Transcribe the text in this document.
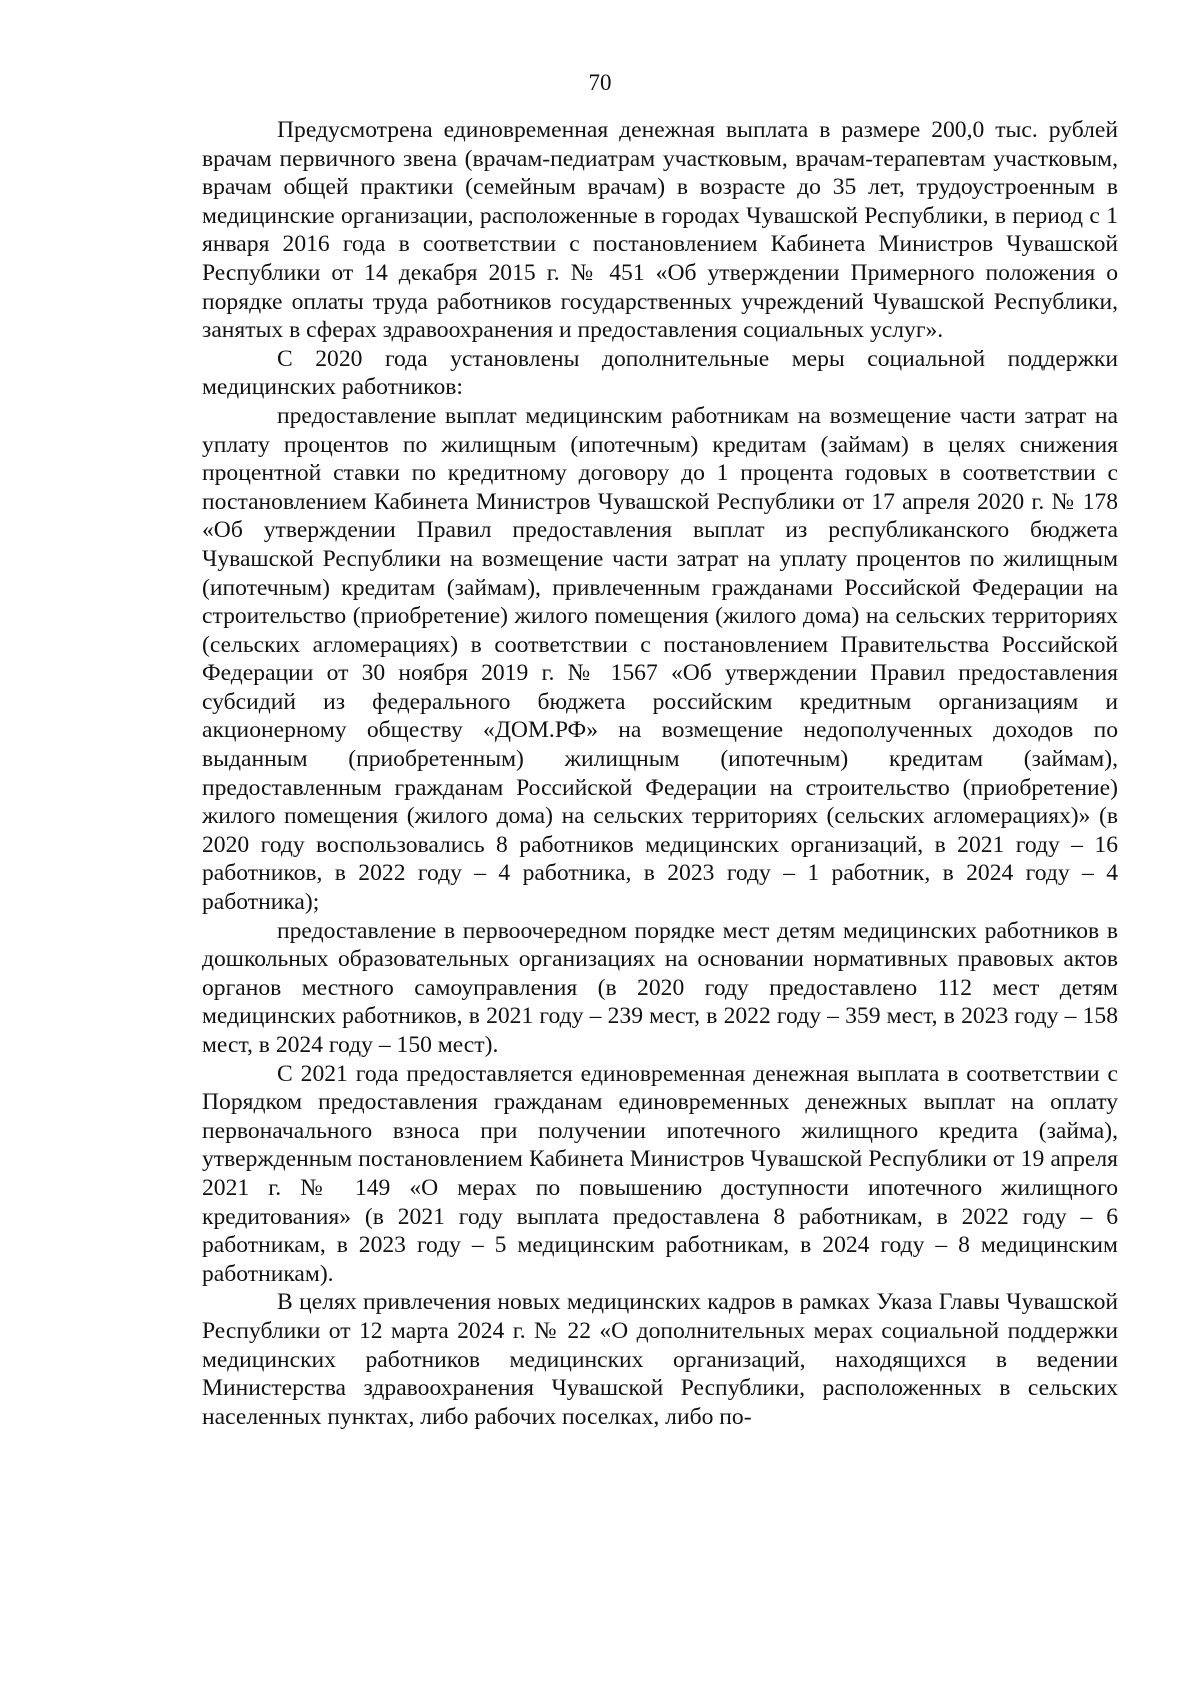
70

Предусмотрена единовременная денежная выплата в размере 200,0 тыс. рублей врачам первичного звена (врачам-педиатрам участковым, врачам-терапевтам участковым, врачам общей практики (семейным врачам) в возрасте до 35 лет, трудоустроенным в медицинские организации, расположенные в городах Чувашской Республики, в период с 1 января 2016 года в соответствии с постановлением Кабинета Министров Чувашской Республики от 14 декабря 2015 г. № 451 «Об утверждении Примерного положения о порядке оплаты труда работников государственных учреждений Чувашской Республики, занятых в сферах здравоохранения и предоставления социальных услуг».

С 2020 года установлены дополнительные меры социальной поддержки медицинских работников:

предоставление выплат медицинским работникам на возмещение части затрат на уплату процентов по жилищным (ипотечным) кредитам (займам) в целях снижения процентной ставки по кредитному договору до 1 процента годовых в соответствии с постановлением Кабинета Министров Чувашской Республики от 17 апреля 2020 г. № 178 «Об утверждении Правил предоставления выплат из республиканского бюджета Чувашской Республики на возмещение части затрат на уплату процентов по жилищным (ипотечным) кредитам (займам), привлеченным гражданами Российской Федерации на строительство (приобретение) жилого помещения (жилого дома) на сельских территориях (сельских агломерациях) в соответствии с постановлением Правительства Российской Федерации от 30 ноября 2019 г. № 1567 «Об утверждении Правил предоставления субсидий из федерального бюджета российским кредитным организациям и акционерному обществу «ДОМ.РФ» на возмещение недополученных доходов по выданным (приобретенным) жилищным (ипотечным) кредитам (займам), предоставленным гражданам Российской Федерации на строительство (приобретение) жилого помещения (жилого дома) на сельских территориях (сельских агломерациях)» (в 2020 году воспользовались 8 работников медицинских организаций, в 2021 году – 16 работников, в 2022 году – 4 работника, в 2023 году – 1 работник, в 2024 году – 4 работника);

предоставление в первоочередном порядке мест детям медицинских работников в дошкольных образовательных организациях на основании нормативных правовых актов органов местного самоуправления (в 2020 году предоставлено 112 мест детям медицинских работников, в 2021 году – 239 мест, в 2022 году – 359 мест, в 2023 году – 158 мест, в 2024 году – 150 мест).

С 2021 года предоставляется единовременная денежная выплата в соответствии с Порядком предоставления гражданам единовременных денежных выплат на оплату первоначального взноса при получении ипотечного жилищного кредита (займа), утвержденным постановлением Кабинета Министров Чувашской Республики от 19 апреля 2021 г. № 149 «О мерах по повышению доступности ипотечного жилищного кредитования» (в 2021 году выплата предоставлена 8 работникам, в 2022 году – 6 работникам, в 2023 году – 5 медицинским работникам, в 2024 году – 8 медицинским работникам).

В целях привлечения новых медицинских кадров в рамках Указа Главы Чувашской Республики от 12 марта 2024 г. № 22 «О дополнительных мерах социальной поддержки медицинских работников медицинских организаций, находящихся в ведении Министерства здравоохранения Чувашской Республики, расположенных в сельских населенных пунктах, либо рабочих поселках, либо по-
